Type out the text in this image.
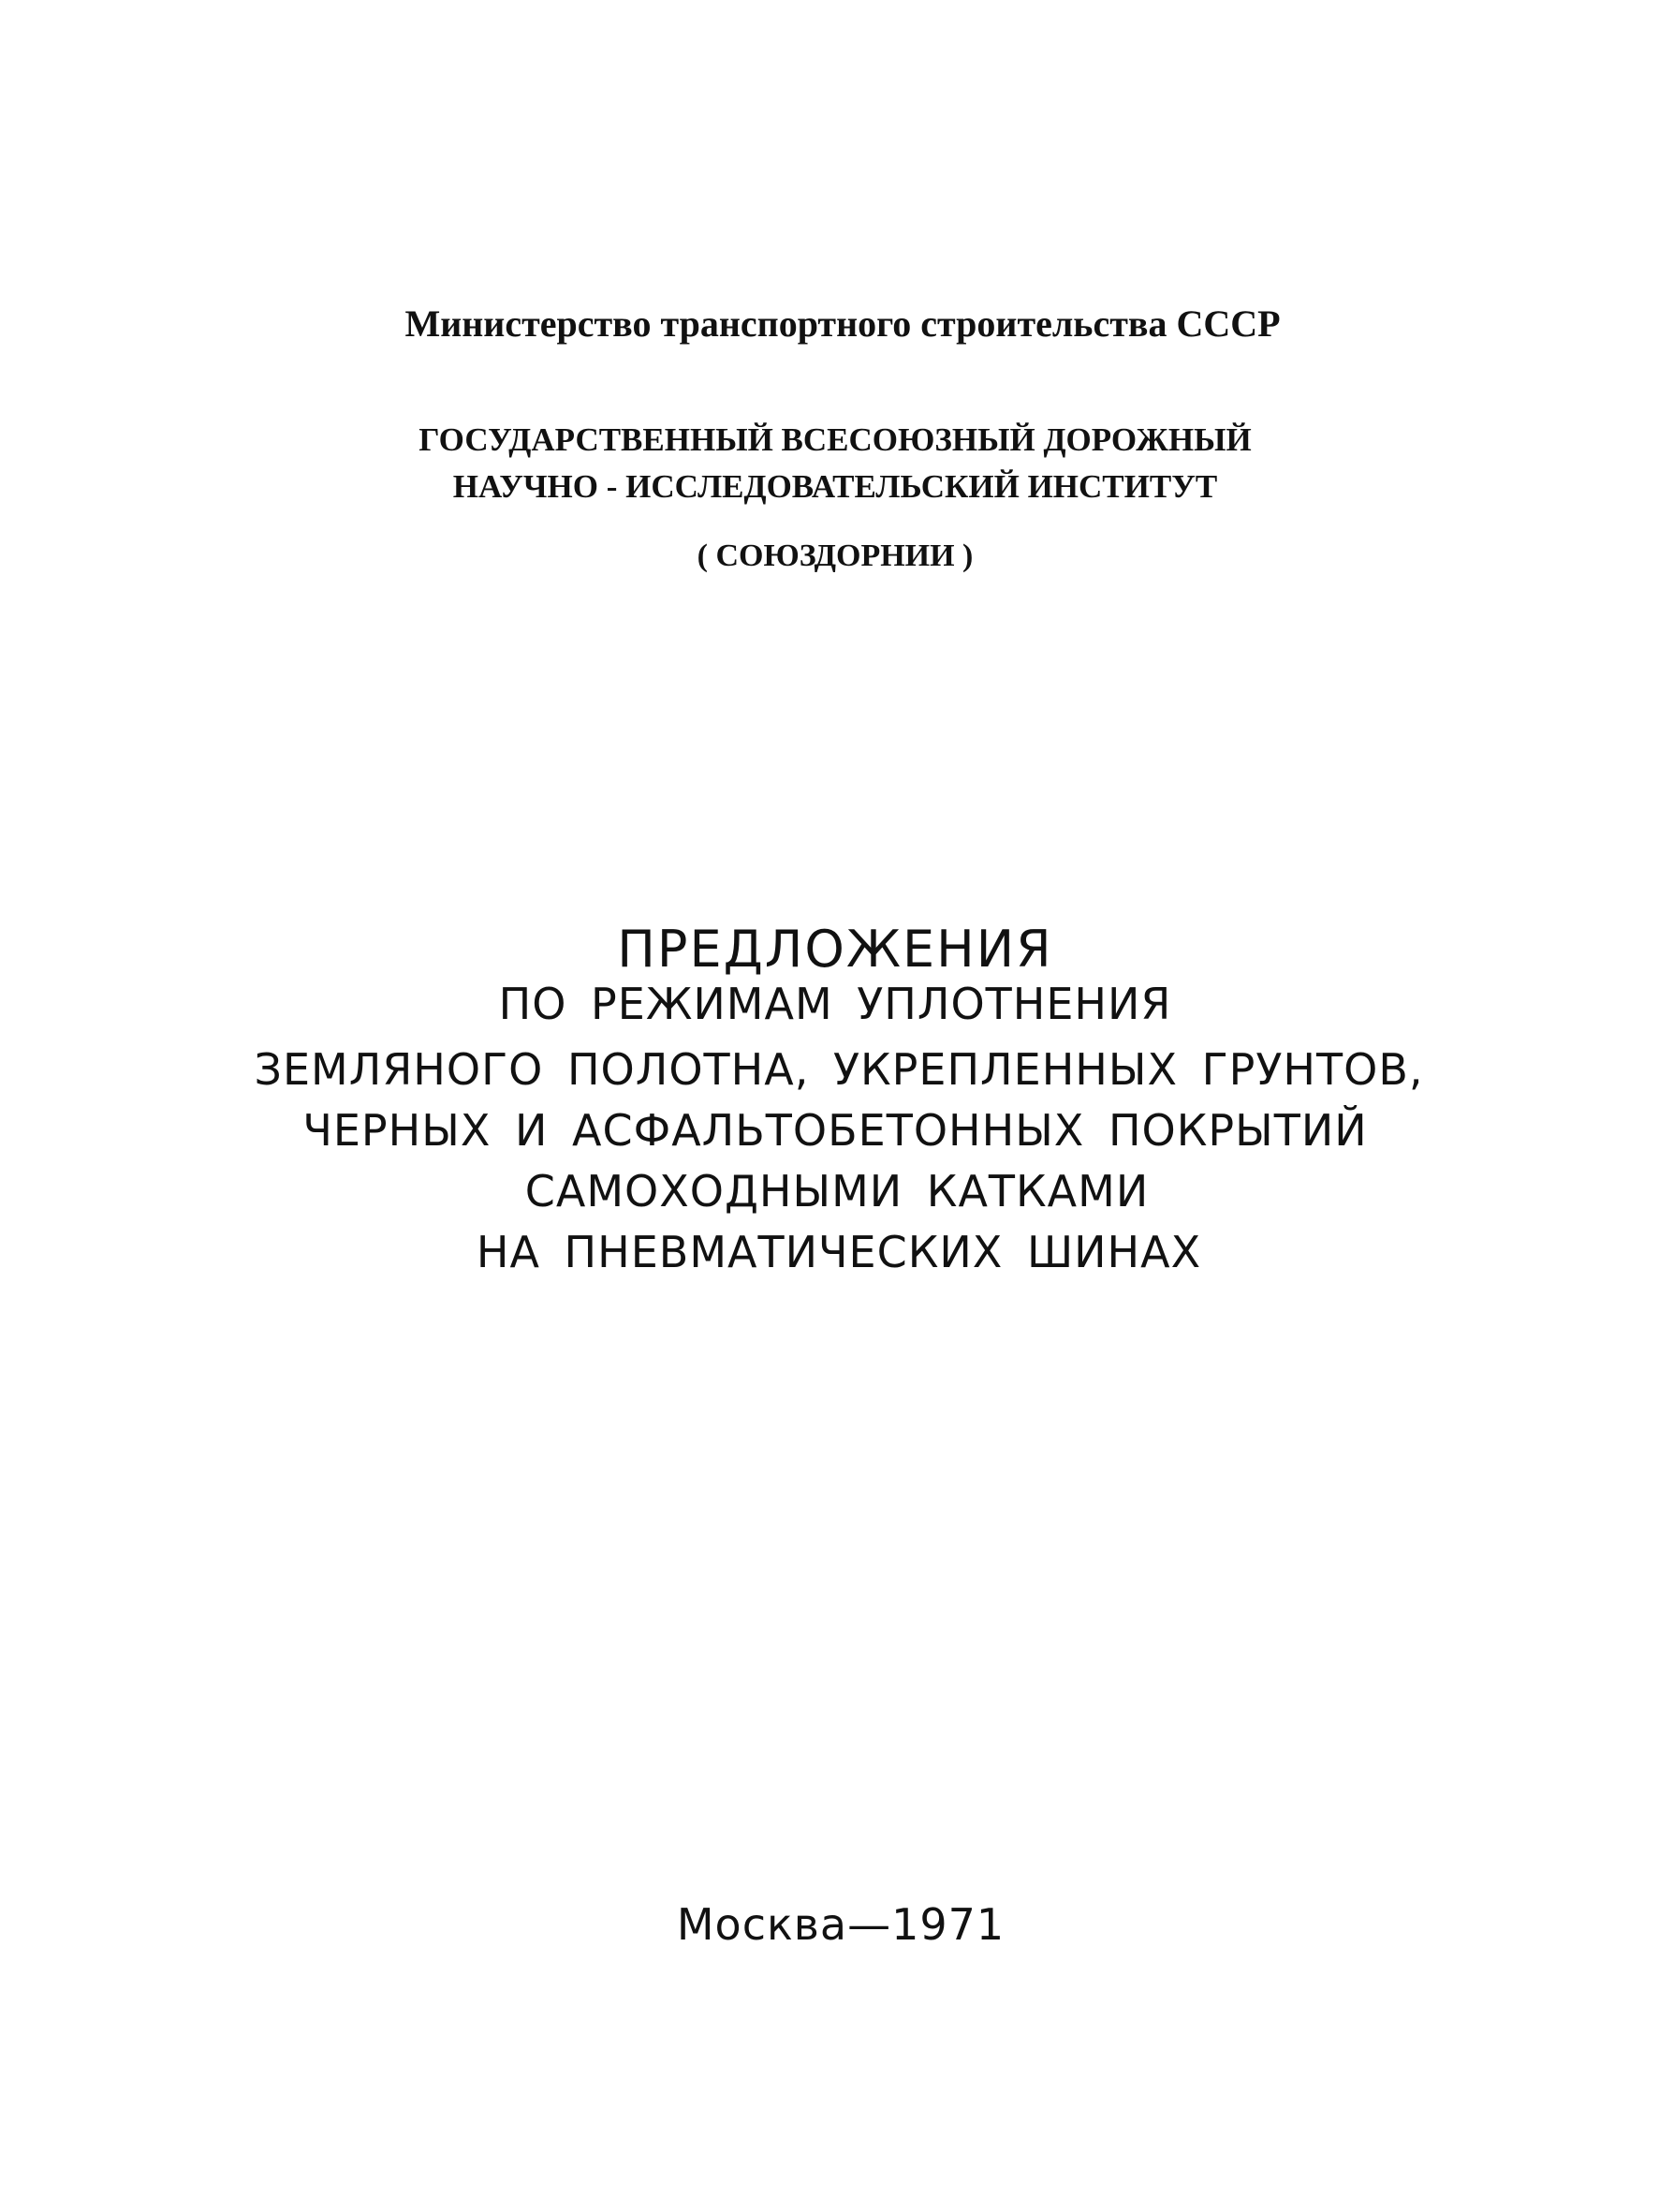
Министерство транспортного строительства СССР
ГОСУДАРСТВЕННЫЙ ВСЕСОЮЗНЫЙ ДОРОЖНЫЙ
НАУЧНО - ИССЛЕДОВАТЕЛЬСКИЙ ИНСТИТУТ
( СОЮЗДОРНИИ )
ПРЕДЛОЖЕНИЯ
ПО РЕЖИМАМ УПЛОТНЕНИЯ
ЗЕМЛЯНОГО ПОЛОТНА, УКРЕПЛЕННЫХ ГРУНТОВ,
ЧЕРНЫХ И АСФАЛЬТОБЕТОННЫХ ПОКРЫТИЙ
САМОХОДНЫМИ КАТКАМИ
НА ПНЕВМАТИЧЕСКИХ ШИНАХ
Москва—1971
